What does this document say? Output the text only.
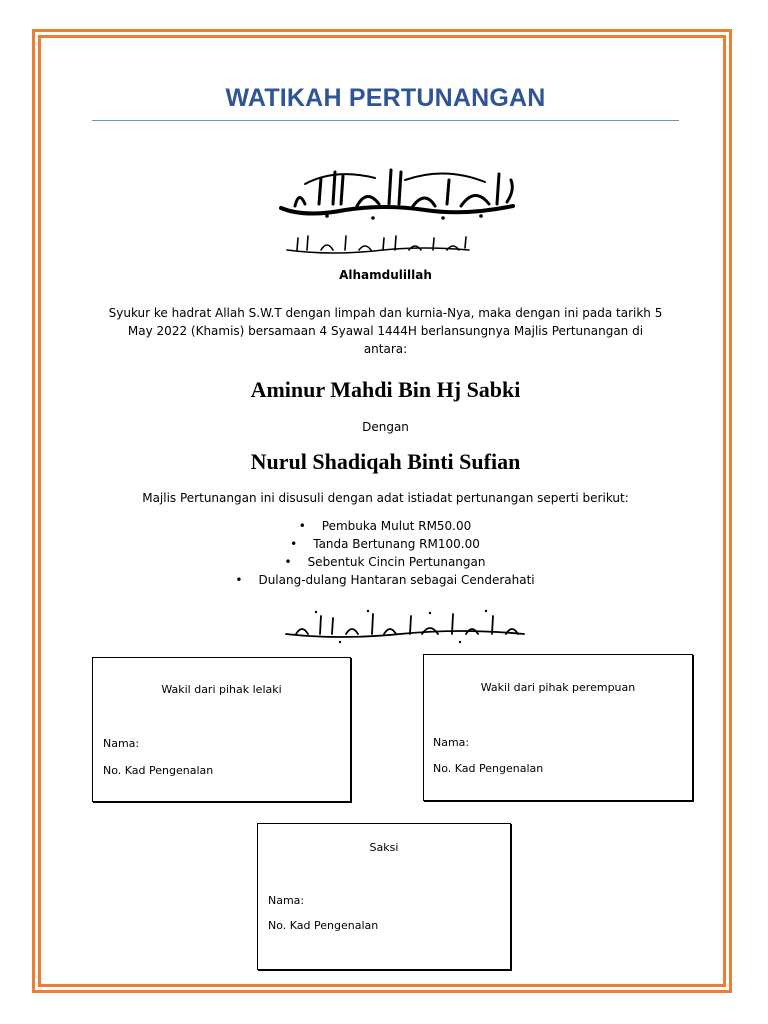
WATIKAH PERTUNANGAN
Alhamdulillah
Syukur ke hadrat Allah S.W.T dengan limpah dan kurnia-Nya, maka dengan ini pada tarikh 5
May 2022 (Khamis) bersamaan 4 Syawal 1444H berlansungnya Majlis Pertunangan di
antara:
Aminur Mahdi Bin Hj Sabki
Dengan
Nurul Shadiqah Binti Sufian
Majlis Pertunangan ini disusuli dengan adat istiadat pertunangan seperti berikut:
• Pembuka Mulut RM50.00
• Tanda Bertunang RM100.00
• Sebentuk Cincin Pertunangan
• Dulang-dulang Hantaran sebagai Cenderahati
Wakil dari pihak lelaki
Nama:
No. Kad Pengenalan
Wakil dari pihak perempuan
Nama:
No. Kad Pengenalan
Saksi
Nama:
No. Kad Pengenalan
